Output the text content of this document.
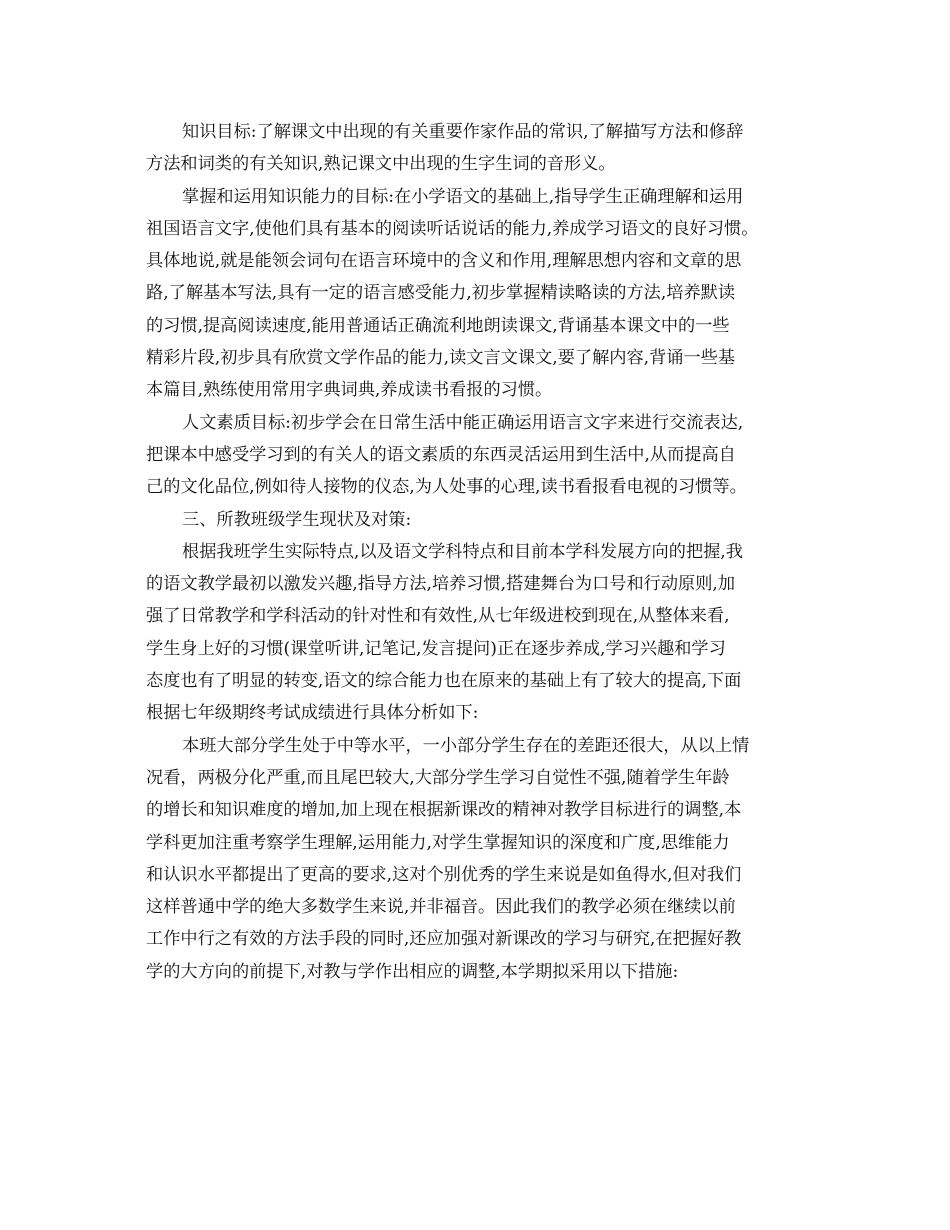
知识目标:了解课文中出现的有关重要作家作品的常识,了解描写方法和修辞
方法和词类的有关知识,熟记课文中出现的生字生词的音形义。
掌握和运用知识能力的目标:在小学语文的基础上,指导学生正确理解和运用
祖国语言文字,使他们具有基本的阅读听话说话的能力,养成学习语文的良好习惯。
具体地说,就是能领会词句在语言环境中的含义和作用,理解思想内容和文章的思
路,了解基本写法,具有一定的语言感受能力,初步掌握精读略读的方法,培养默读
的习惯,提高阅读速度,能用普通话正确流利地朗读课文,背诵基本课文中的一些
精彩片段,初步具有欣赏文学作品的能力,读文言文课文,要了解内容,背诵一些基
本篇目,熟练使用常用字典词典,养成读书看报的习惯。
人文素质目标:初步学会在日常生活中能正确运用语言文字来进行交流表达,
把课本中感受学习到的有关人的语文素质的东西灵活运用到生活中,从而提高自
己的文化品位,例如待人接物的仪态,为人处事的心理,读书看报看电视的习惯等。
三、所教班级学生现状及对策:
根据我班学生实际特点,以及语文学科特点和目前本学科发展方向的把握,我
的语文教学最初以激发兴趣,指导方法,培养习惯,搭建舞台为口号和行动原则,加
强了日常教学和学科活动的针对性和有效性,从七年级进校到现在,从整体来看,
学生身上好的习惯(课堂听讲,记笔记,发言提问)正在逐步养成,学习兴趣和学习
态度也有了明显的转变,语文的综合能力也在原来的基础上有了较大的提高,下面
根据七年级期终考试成绩进行具体分析如下:
本班大部分学生处于中等水平，一小部分学生存在的差距还很大，从以上情
况看，两极分化严重,而且尾巴较大,大部分学生学习自觉性不强,随着学生年龄
的增长和知识难度的增加,加上现在根据新课改的精神对教学目标进行的调整,本
学科更加注重考察学生理解,运用能力,对学生掌握知识的深度和广度,思维能力
和认识水平都提出了更高的要求,这对个别优秀的学生来说是如鱼得水,但对我们
这样普通中学的绝大多数学生来说,并非福音。因此我们的教学必须在继续以前
工作中行之有效的方法手段的同时,还应加强对新课改的学习与研究,在把握好教
学的大方向的前提下,对教与学作出相应的调整,本学期拟采用以下措施:
